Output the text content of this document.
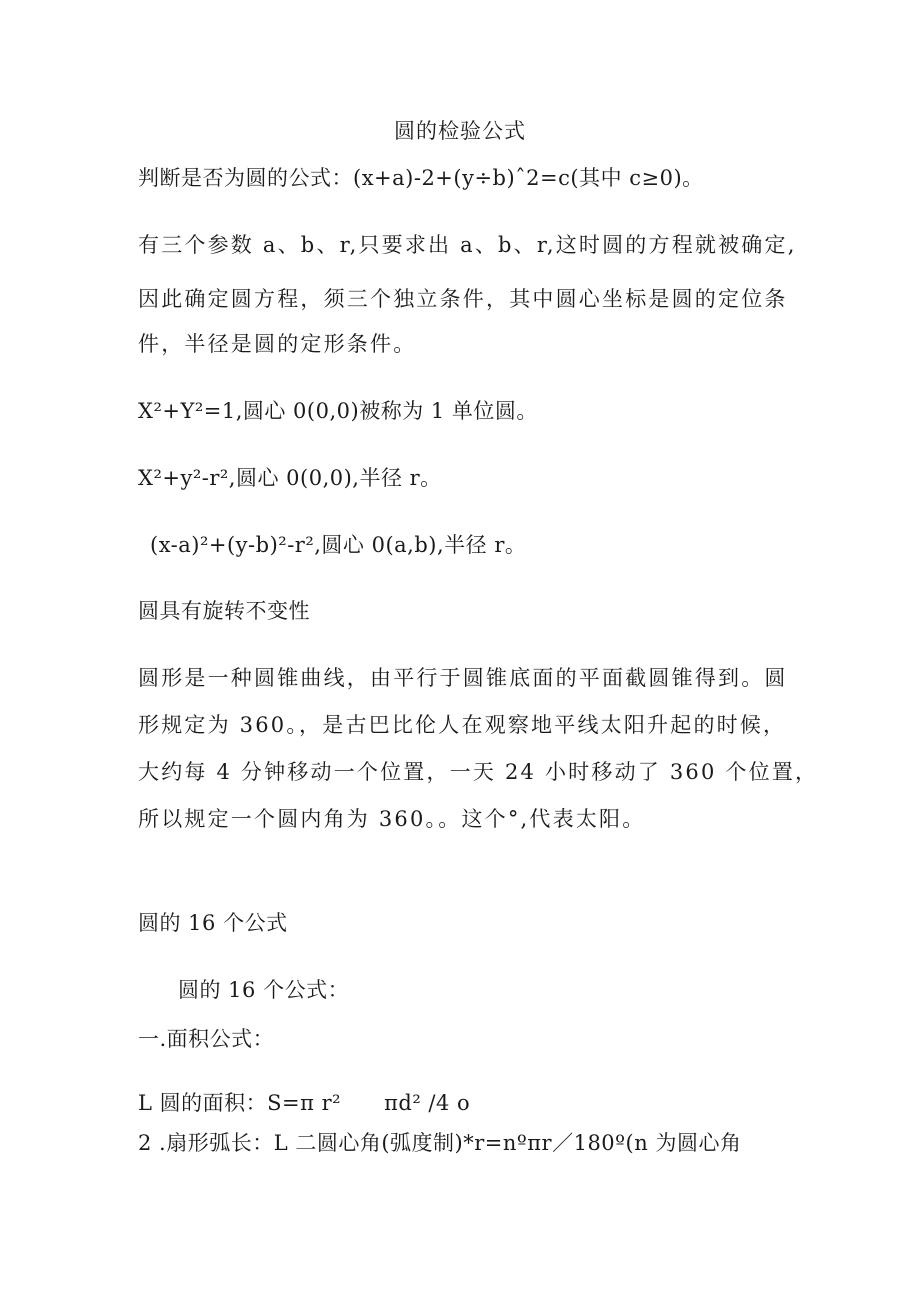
圆的检验公式
判断是否为圆的公式：(x+a)-2+(y÷b)ˆ2=c(其中 c≥0)。
有三个参数 a、b、r,只要求出 a、b、r,这时圆的方程就被确定,
因此确定圆方程，须三个独立条件，其中圆心坐标是圆的定位条
件，半径是圆的定形条件。
X²+Y²=1,圆心 0(0,0)被称为 1 单位圆。
X²+y²-r²,圆心 0(0,0),半径 r。
(x-a)²+(y-b)²-r²,圆心 0(a,b),半径 r。
圆具有旋转不变性
圆形是一种圆锥曲线，由平行于圆锥底面的平面截圆锥得到。圆
形规定为 360。，是古巴比伦人在观察地平线太阳升起的时候，
大约每 4 分钟移动一个位置，一天 24 小时移动了 360 个位置，
所以规定一个圆内角为 360。。这个°,代表太阳。
圆的 16 个公式
圆的 16 个公式：
一.面积公式：
L 圆的面积：S=π r²      πd² /4 o
2 .扇形弧长：L 二圆心角(弧度制)*r=nºπr／180º(n 为圆心角
